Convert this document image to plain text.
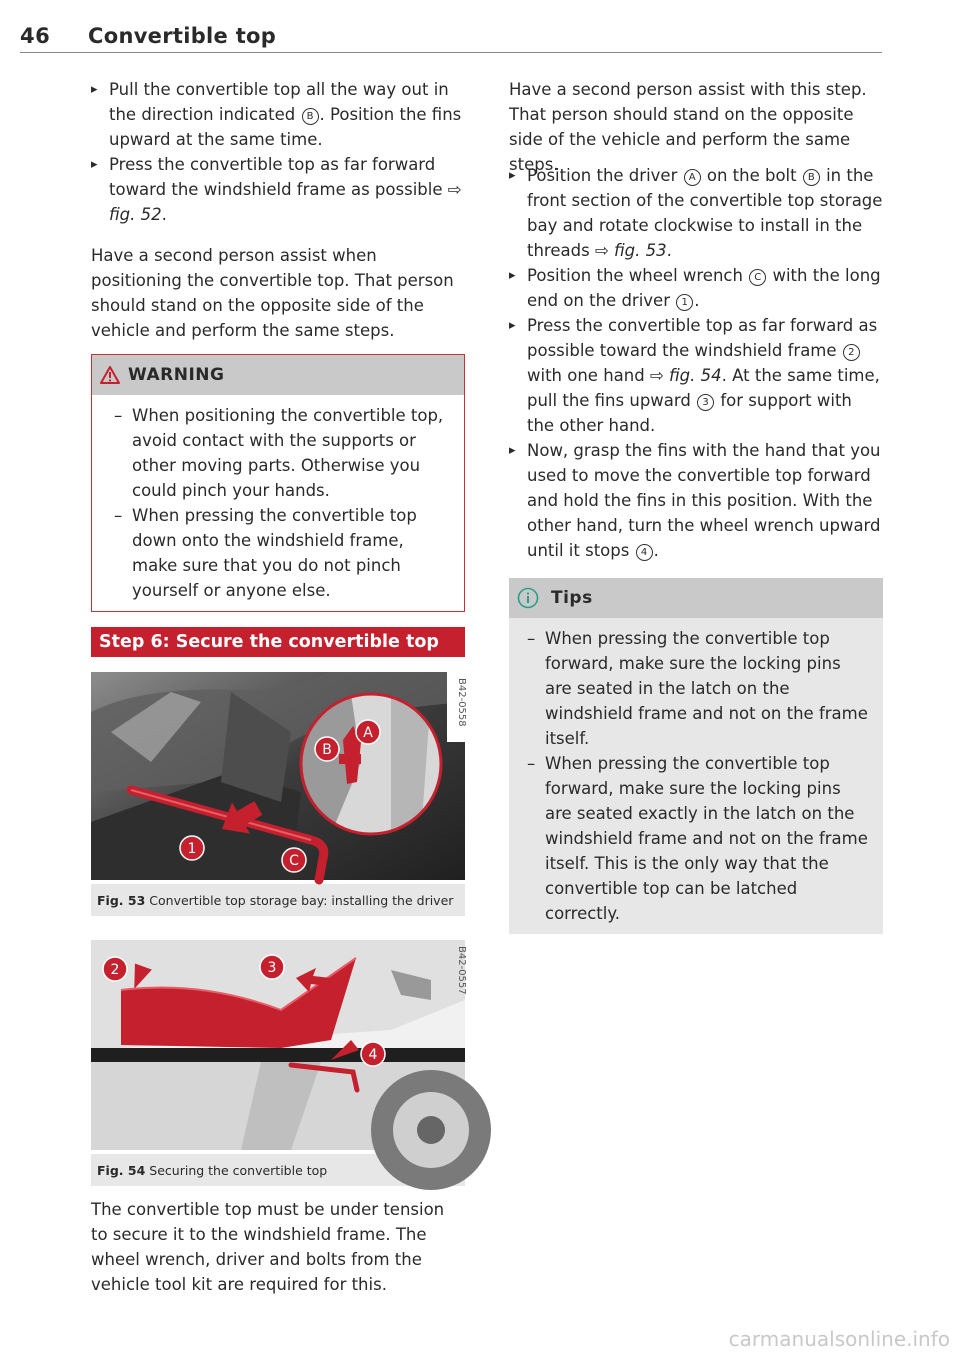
46 Convertible top
▸ Pull the convertible top all the way out in the direction indicated B . Position the fins upward at the same time.
▸ Press the convertible top as far forward toward the windshield frame as possible ⇨ fig. 52.

Have a second person assist when positioning the convertible top. That person should stand on the opposite side of the vehicle and perform the same steps.

WARNING
– When positioning the convertible top, avoid contact with the supports or other moving parts. Otherwise you could pinch your hands.
– When pressing the convertible top down onto the windshield frame, make sure that you do not pinch yourself or anyone else.
Step 6: Secure the convertible top
A
B
1
C
B42-0558
Fig. 53 Convertible top storage bay: installing the driver
2	3
4
B42-0557
Fig. 54 Securing the convertible top

The convertible top must be under tension to secure it to the windshield frame. The wheel wrench, driver and bolts from the vehicle tool kit are required for this.

Have a second person assist with this step. That person should stand on the opposite side of the vehicle and perform the same steps.

▸ Position the driver A on the bolt B in the front section of the convertible top storage bay and rotate clockwise to install in the threads ⇨ fig. 53.
▸ Position the wheel wrench C with the long end on the driver 1 .
▸ Press the convertible top as far forward as possible toward the windshield frame 2 with one hand ⇨ fig. 54. At the same time, pull the fins upward 3 for support with the other hand.
▸ Now, grasp the fins with the hand that you used to move the convertible top forward and hold the fins in this position. With the other hand, turn the wheel wrench upward until it stops 4 .
Tips
– When pressing the convertible top forward, make sure the locking pins are seated in the latch on the windshield frame and not on the frame itself.
– When pressing the convertible top forward, make sure the locking pins are seated exactly in the latch on the windshield frame and not on the frame itself. This is the only way that the convertible top can be latched correctly.
carmanualsonline.info
